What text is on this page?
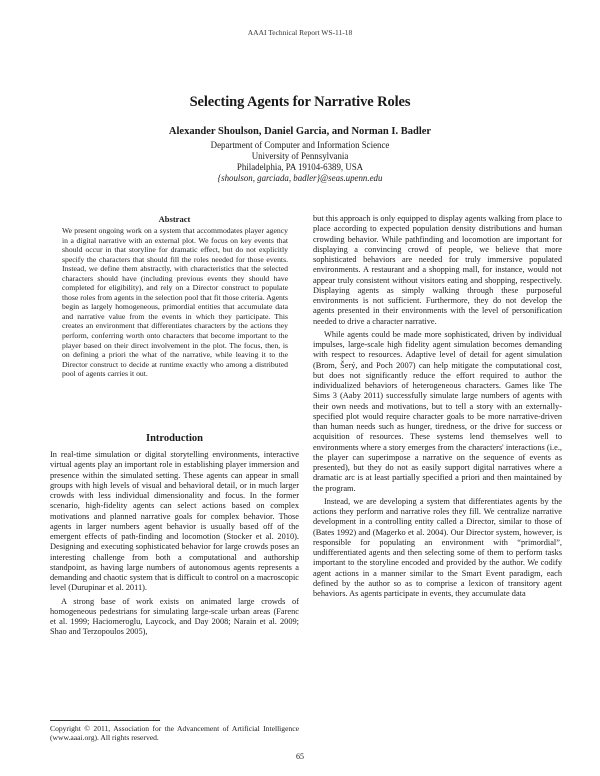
AAAI Technical Report WS-11-18
Selecting Agents for Narrative Roles
Alexander Shoulson, Daniel Garcia, and Norman I. Badler
Department of Computer and Information Science
University of Pennsylvania
Philadelphia, PA 19104-6389, USA
{shoulson, garciada, badler}@seas.upenn.edu
Abstract

We present ongoing work on a system that accommodates player agency in a digital narrative with an external plot. We focus on key events that should occur in that storyline for dramatic effect, but do not explicitly specify the characters that should fill the roles needed for those events. Instead, we define them abstractly, with characteristics that the selected characters should have (including previous events they should have completed for eligibility), and rely on a Director construct to populate those roles from agents in the selection pool that fit those criteria. Agents begin as largely homogeneous, primordial entities that accumulate data and narrative value from the events in which they participate. This creates an environment that differentiates characters by the actions they perform, conferring worth onto characters that become important to the player based on their direct involvement in the plot. The focus, then, is on defining a priori the what of the narrative, while leaving it to the Director construct to decide at runtime exactly who among a distributed pool of agents carries it out.

Introduction

In real-time simulation or digital storytelling environments, interactive virtual agents play an important role in establishing player immersion and presence within the simulated setting. These agents can appear in small groups with high levels of visual and behavioral detail, or in much larger crowds with less individual dimensionality and focus. In the former scenario, high-fidelity agents can select actions based on complex motivations and planned narrative goals for complex behavior. Those agents in larger numbers agent behavior is usually based off of the emergent effects of path-finding and locomotion (Stocker et al. 2010). Designing and executing sophisticated behavior for large crowds poses an interesting challenge from both a computational and authorship standpoint, as having large numbers of autonomous agents represents a demanding and chaotic system that is difficult to control on a macroscopic level (Durupinar et al. 2011).

A strong base of work exists on animated large crowds of homogeneous pedestrians for simulating large-scale urban areas (Farenc et al. 1999; Haciomeroglu, Laycock, and Day 2008; Narain et al. 2009; Shao and Terzopoulos 2005),

but this approach is only equipped to display agents walking from place to place according to expected population density distributions and human crowding behavior. While pathfinding and locomotion are important for displaying a convincing crowd of people, we believe that more sophisticated behaviors are needed for truly immersive populated environments. A restaurant and a shopping mall, for instance, would not appear truly consistent without visitors eating and shopping, respectively. Displaying agents as simply walking through these purposeful environments is not sufficient. Furthermore, they do not develop the agents presented in their environments with the level of personification needed to drive a character narrative.

While agents could be made more sophisticated, driven by individual impulses, large-scale high fidelity agent simulation becomes demanding with respect to resources. Adaptive level of detail for agent simulation (Brom, Šerý, and Poch 2007) can help mitigate the computational cost, but does not significantly reduce the effort required to author the individualized behaviors of heterogeneous characters. Games like The Sims 3 (Aaby 2011) successfully simulate large numbers of agents with their own needs and motivations, but to tell a story with an externally-specified plot would require character goals to be more narrative-driven than human needs such as hunger, tiredness, or the drive for success or acquisition of resources. These systems lend themselves well to environments where a story emerges from the characters' interactions (i.e., the player can superimpose a narrative on the sequence of events as presented), but they do not as easily support digital narratives where a dramatic arc is at least partially specified a priori and then maintained by the program.

Instead, we are developing a system that differentiates agents by the actions they perform and narrative roles they fill. We centralize narrative development in a controlling entity called a Director, similar to those of (Bates 1992) and (Magerko et al. 2004). Our Director system, however, is responsible for populating an environment with “primordial”, undifferentiated agents and then selecting some of them to perform tasks important to the storyline encoded and provided by the author. We codify agent actions in a manner similar to the Smart Event paradigm, each defined by the author so as to comprise a lexicon of transitory agent behaviors. As agents participate in events, they accumulate data

Copyright © 2011, Association for the Advancement of Artificial Intelligence (www.aaai.org). All rights reserved.
65
